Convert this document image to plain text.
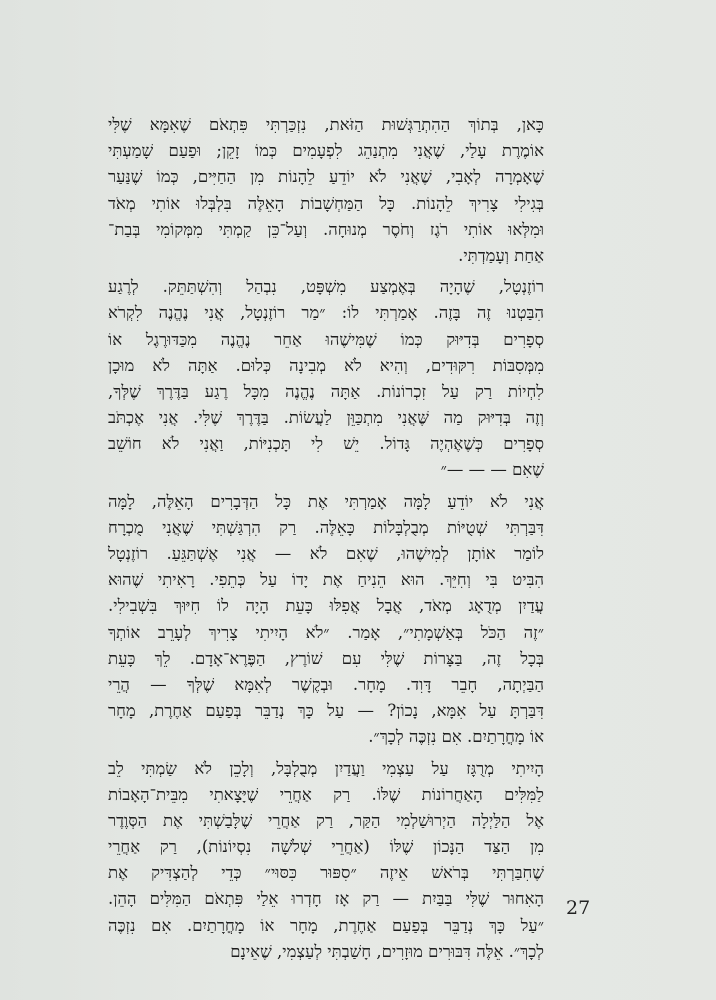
כָּאן, בְּתוֹךְ הַהִתְרַגְּשׁוּת הַזֹּאת, נִזְכַּרְתִּי פִּתְאֹם שֶׁאִמָּא שֶׁלִּי
אוֹמֶרֶת עָלַי, שֶׁאֲנִי מִתְנַהֵג לִפְעָמִים כְּמוֹ זָקֵן; וּפַעַם שָׁמַעְתִּי
שֶׁאָמְרָה לְאָבִי, שֶׁאֲנִי לֹא יוֹדֵעַ לֵהָנוֹת מִן הַחַיִּים, כְּמוֹ שֶׁנַּעַר
בְּגִילִי צָרִיךְ לֵהָנוֹת. כָּל הַמַּחְשָׁבוֹת הָאֵלֶּה בִּלְבְּלוּ אוֹתִי מְאֹד
וּמִלְּאוּ אוֹתִי רֹגֶז וְחֹסֶר מְנוּחָה. וְעַל־כֵּן קַמְתִּי מִמְּקוֹמִי בְּבַת־
אַחַת וְעָמַדְתִּי.
רוֹזֶנְטָל, שֶׁהָיָה בְּאֶמְצַע מִשְׁפָּט, נִבְהַל וְהִשְׁתַּתֵּק. לְרֶגַע
הִבַּטְנוּ זֶה בָּזֶה. אָמַרְתִּי לוֹ: ״מַר רוֹזֶנְטָל, אֲנִי נֶהֱנֶה לִקְרֹא
סְפָרִים בְּדִיּוּק כְּמוֹ שֶׁמִּישֶׁהוּ אַחֵר נֶהֱנֶה מִכַּדּוּרֶגֶל אוֹ
מִמְּסִבּוֹת רִקּוּדִים, וְהִיא לֹא מְבִינָה כְּלוּם. אַתָּה לֹא מוּכָן
לִחְיוֹת רַק עַל זִכְרוֹנוֹת. אַתָּה נֶהֱנֶה מִכָּל רֶגַע בַּדֶּרֶךְ שֶׁלְּךָ,
וְזֶה בְּדִיּוּק מַה שֶּׁאֲנִי מִתְכַּוֵּן לַעֲשׂוֹת. בַּדֶּרֶךְ שֶׁלִּי. אֲנִי אֶכְתֹּב
סְפָרִים כְּשֶׁאֶהְיֶה גָּדוֹל. יֵשׁ לִי תָּכְנִיּוֹת, וַאֲנִי לֹא חוֹשֵׁב
שֶׁאִם — — —״
אֲנִי לֹא יוֹדֵעַ לָמָּה אָמַרְתִּי אֶת כָּל הַדְּבָרִים הָאֵלֶּה, לָמָּה
דִּבַּרְתִּי שְׁטֻיּוֹת מְבֻלְבָּלוֹת כָּאֵלֶּה. רַק הִרְגַּשְׁתִּי שֶׁאֲנִי מֻכְרָח
לוֹמַר אוֹתָן לְמִישֶׁהוּ, שֶׁאִם לֹא — אֲנִי אֶשְׁתַּגֵּעַ. רוֹזֶנְטָל
הִבִּיט בִּי וְחִיֵּךְ. הוּא הֵנִיחַ אֶת יָדוֹ עַל כְּתֵפִי. רָאִיתִי שֶׁהוּא
עֲדַיִן מְדֻאָג מְאֹד, אֲבָל אֲפִלּוּ כָּעֵת הָיָה לוֹ חִיּוּךְ בִּשְׁבִילִי.
״זֶה הַכֹּל בְּאַשְׁמָתִי״, אָמַר. ״לֹא הָיִיתִי צָרִיךְ לְעָרֵב אוֹתְךָ
בְּכָל זֶה, בַּצָּרוֹת שֶׁלִּי עִם שׁוֹרֶץ, הַפֶּרֶא־אָדָם. לֵךְ כָּעֵת
הַבַּיְתָה, חָבֵר דָּוִד. מָחָר. וּבְקֶשֶׁר לְאִמָּא שֶׁלְּךָ — הֲרֵי
דִּבַּרְתָּ עַל אִמָּא, נָכוֹן? — עַל כָּךְ נְדַבֵּר בְּפַעַם אַחֶרֶת, מָחָר
אוֹ מָחֳרָתַיִם. אִם נִזְכֶּה לְכָךְ״.
הָיִיתִי מְרֻגָּז עַל עַצְמִי וַעֲדַיִן מְבֻלְבָּל, וְלָכֵן לֹא שַׂמְתִּי לֵב
לַמִּלִּים הָאַחֲרוֹנוֹת שֶׁלּוֹ. רַק אַחֲרֵי שֶׁיָּצָאתִי מִבֵּית־הָאָבוֹת
אֶל הַלַּיְלָה הַיְרוּשַׁלְמִי הַקַּר, רַק אַחֲרֵי שֶׁלָּבַשְׁתִּי אֶת הַסְּוֶדֶר
מִן הַצַּד הַנָּכוֹן שֶׁלּוֹ (אַחֲרֵי שְׁלֹשָׁה נִסְיוֹנוֹת), רַק אַחֲרֵי
שֶׁחִבַּרְתִּי בְּרֹאשׁ אֵיזֶה ״סִפּוּר כִּסּוּי״ כְּדֵי לְהַצְדִּיק אֶת
הָאִחוּר שֶׁלִּי בַּבַּיִת — רַק אָז חָדְרוּ אֵלַי פִּתְאֹם הַמִּלִּים הָהֵן.
״עַל כָּךְ נְדַבֵּר בְּפַעַם אַחֶרֶת, מָחָר אוֹ מָחֳרָתַיִם. אִם נִזְכֶּה
לְכָךְ״. אֵלֶּה דִּבּוּרִים מוּזָרִים, חָשַׁבְתִּי לְעַצְמִי, שֶׁאֵינָם
27
